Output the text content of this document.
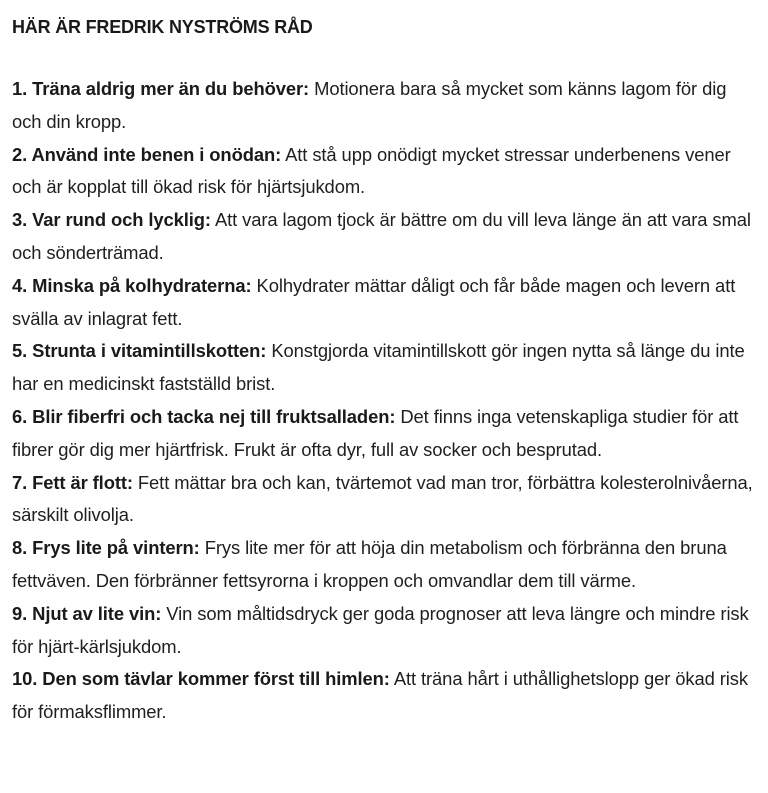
HÄR ÄR FREDRIK NYSTRÖMS RÅD
1. Träna aldrig mer än du behöver: Motionera bara så mycket som känns lagom för dig och din kropp.
2. Använd inte benen i onödan: Att stå upp onödigt mycket stressar underbenens vener och är kopplat till ökad risk för hjärtsjukdom.
3. Var rund och lycklig: Att vara lagom tjock är bättre om du vill leva länge än att vara smal och sönderträmad.
4. Minska på kolhydraterna: Kolhydrater mättar dåligt och får både magen och levern att svälla av inlagrat fett.
5. Strunta i vitamintillskotten: Konstgjorda vitamintillskott gör ingen nytta så länge du inte har en medicinskt fastställd brist.
6. Blir fiberfri och tacka nej till fruktsalladen: Det finns inga vetenskapliga studier för att fibrer gör dig mer hjärtfrisk. Frukt är ofta dyr, full av socker och besprutad.
7. Fett är flott: Fett mättar bra och kan, tvärtemot vad man tror, förbättra kolesterolnivåerna, särskilt olivolja.
8. Frys lite på vintern: Frys lite mer för att höja din metabolism och förbränna den bruna fettväven. Den förbränner fettsyrorna i kroppen och omvandlar dem till värme.
9. Njut av lite vin: Vin som måltidsdryck ger goda prognoser att leva längre och mindre risk för hjärt-kärlsjukdom.
10. Den som tävlar kommer först till himlen: Att träna hårt i uthållighetslopp ger ökad risk för förmaksflimmer.
